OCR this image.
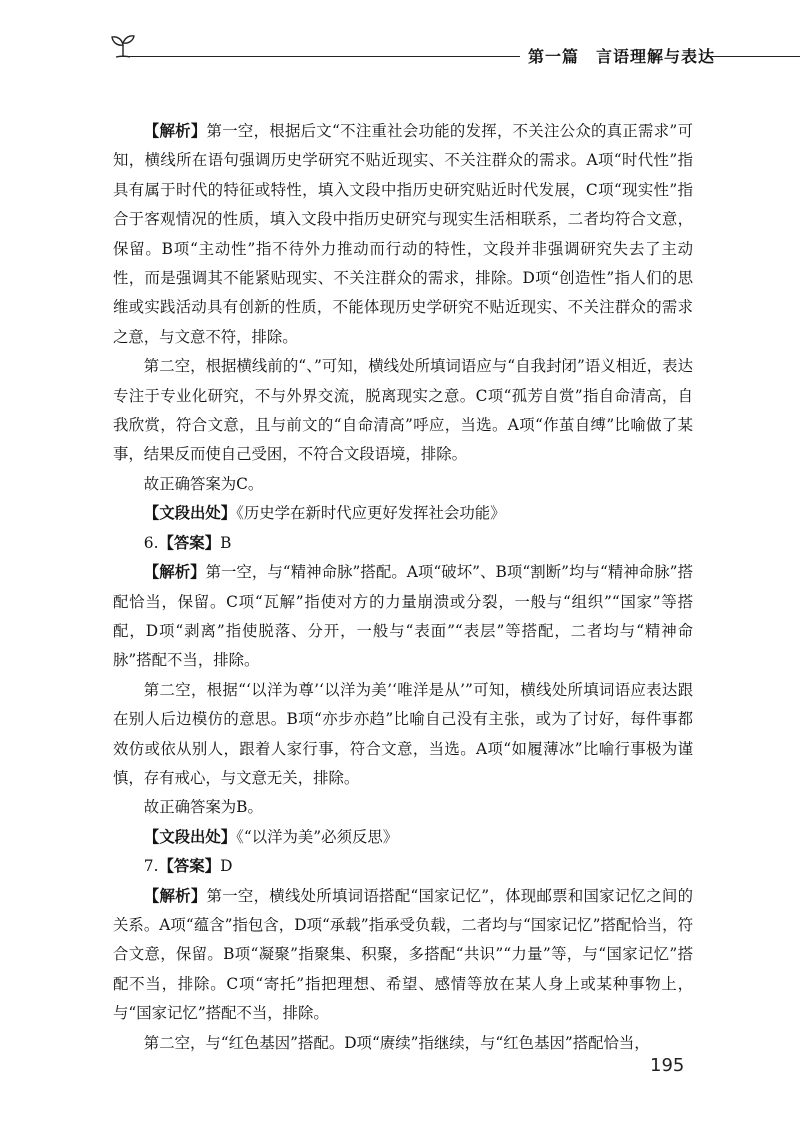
第一篇　言语理解与表达

【解析】第一空，根据后文“不注重社会功能的发挥，不关注公众的真正需求”可知，横线所在语句强调历史学研究不贴近现实、不关注群众的需求。A项“时代性”指具有属于时代的特征或特性，填入文段中指历史研究贴近时代发展，C项“现实性”指合于客观情况的性质，填入文段中指历史研究与现实生活相联系，二者均符合文意，保留。B项“主动性”指不待外力推动而行动的特性，文段并非强调研究失去了主动性，而是强调其不能紧贴现实、不关注群众的需求，排除。D项“创造性”指人们的思维或实践活动具有创新的性质，不能体现历史学研究不贴近现实、不关注群众的需求之意，与文意不符，排除。

第二空，根据横线前的“、”可知，横线处所填词语应与“自我封闭”语义相近，表达专注于专业化研究，不与外界交流，脱离现实之意。C项“孤芳自赏”指自命清高，自我欣赏，符合文意，且与前文的“自命清高”呼应，当选。A项“作茧自缚”比喻做了某事，结果反而使自己受困，不符合文段语境，排除。

故正确答案为C。

【文段出处】《历史学在新时代应更好发挥社会功能》

6.【答案】B

【解析】第一空，与“精神命脉”搭配。A项“破坏”、B项“割断”均与“精神命脉”搭配恰当，保留。C项“瓦解”指使对方的力量崩溃或分裂，一般与“组织”“国家”等搭配，D项“剥离”指使脱落、分开，一般与“表面”“表层”等搭配，二者均与“精神命脉”搭配不当，排除。

第二空，根据“‘以洋为尊’‘以洋为美’‘唯洋是从’”可知，横线处所填词语应表达跟在别人后边模仿的意思。B项“亦步亦趋”比喻自己没有主张，或为了讨好，每件事都效仿或依从别人，跟着人家行事，符合文意，当选。A项“如履薄冰”比喻行事极为谨慎，存有戒心，与文意无关，排除。

故正确答案为B。

【文段出处】《“以洋为美”必须反思》

7.【答案】D

【解析】第一空，横线处所填词语搭配“国家记忆”，体现邮票和国家记忆之间的关系。A项“蕴含”指包含，D项“承载”指承受负载，二者均与“国家记忆”搭配恰当，符合文意，保留。B项“凝聚”指聚集、积聚，多搭配“共识”“力量”等，与“国家记忆”搭配不当，排除。C项“寄托”指把理想、希望、感情等放在某人身上或某种事物上，与“国家记忆”搭配不当，排除。

第二空，与“红色基因”搭配。D项“赓续”指继续，与“红色基因”搭配恰当，

195
